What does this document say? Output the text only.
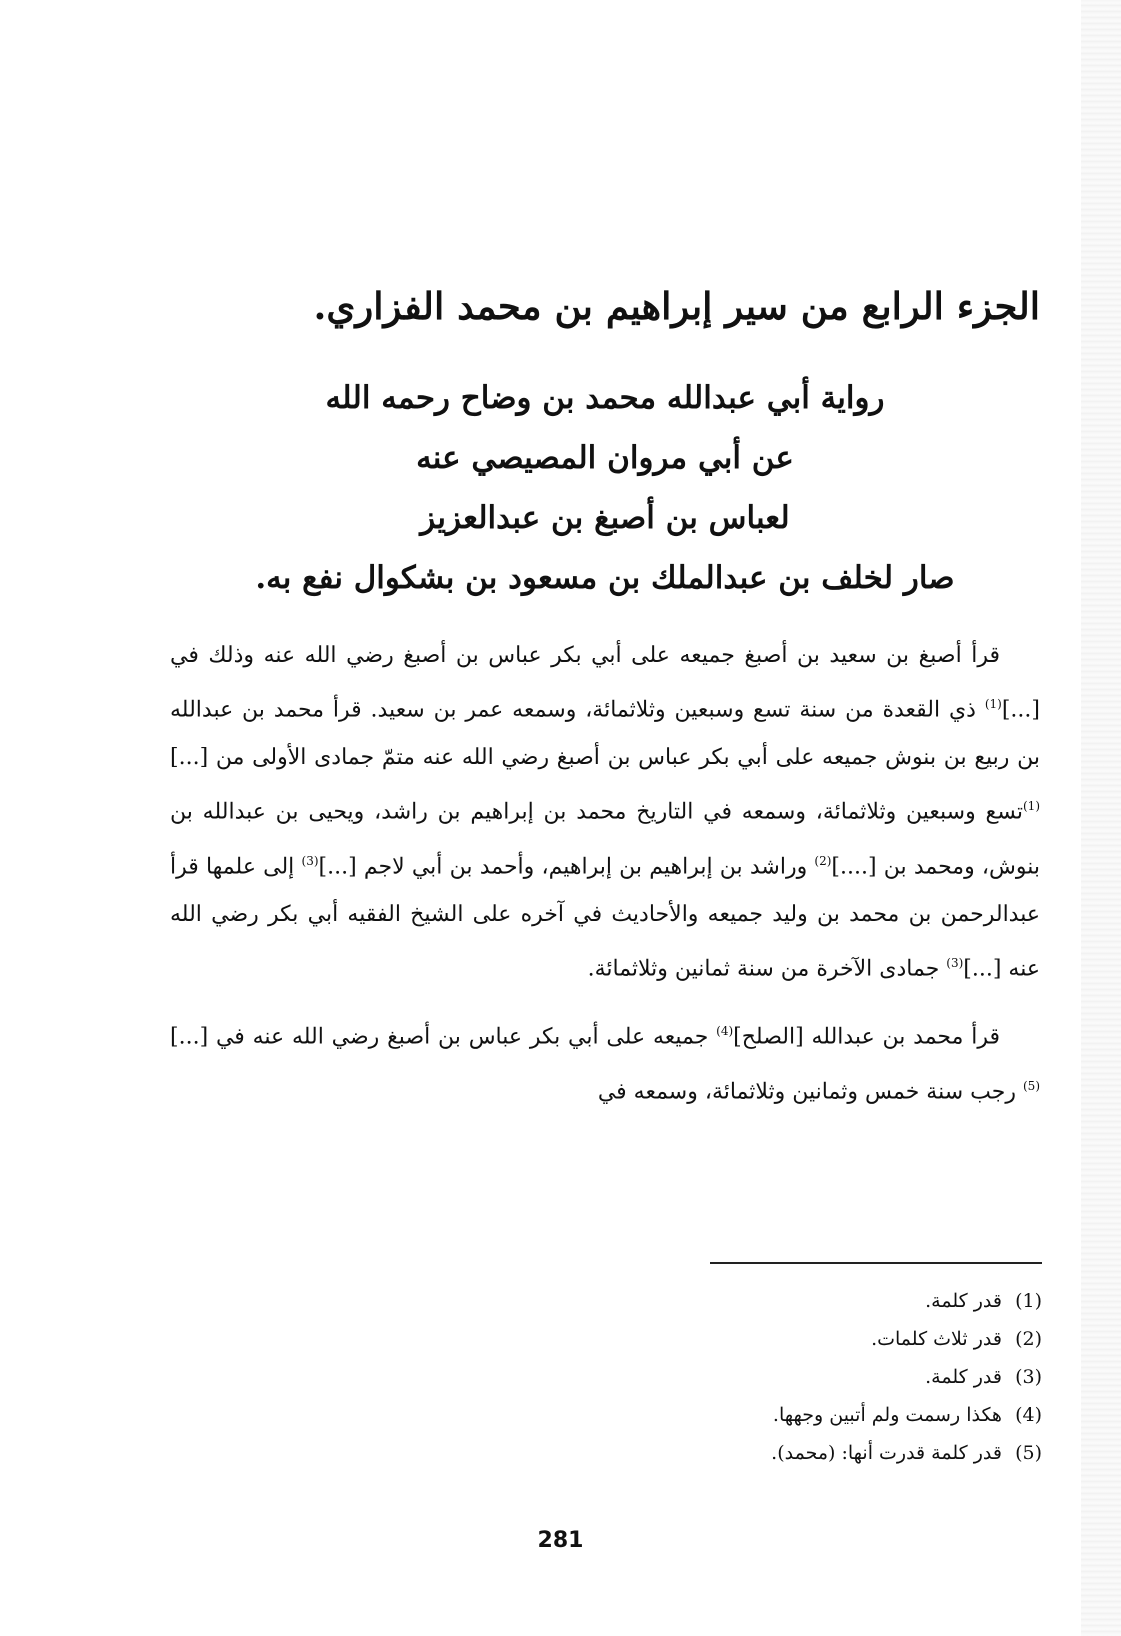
الجزء الرابع من سير إبراهيم بن محمد الفزاري.

رواية أبي عبدالله محمد بن وضاح رحمه الله

عن أبي مروان المصيصي عنه

لعباس بن أصبغ بن عبدالعزيز

صار لخلف بن عبدالملك بن مسعود بن بشكوال نفع به.

قرأ أصبغ بن سعيد بن أصبغ جميعه على أبي بكر عباس بن أصبغ رضي الله عنه وذلك في [...]$^{(1)}$ ذي القعدة من سنة تسع وسبعين وثلاثمائة، وسمعه عمر بن سعيد. قرأ محمد بن عبدالله بن ربيع بن بنوش جميعه على أبي بكر عباس بن أصبغ رضي الله عنه متمّ جمادى الأولى من [...]$^{(1)}$تسع وسبعين وثلاثمائة، وسمعه في التاريخ محمد بن إبراهيم بن راشد، ويحيى بن عبدالله بن بنوش، ومحمد بن [....]$^{(2)}$ وراشد بن إبراهيم بن إبراهيم، وأحمد بن أبي لاجم [...]$^{(3)}$ إلى علمها قرأ عبدالرحمن بن محمد بن وليد جميعه والأحاديث في آخره على الشيخ الفقيه أبي بكر رضي الله عنه [...]$^{(3)}$ جمادى الآخرة من سنة ثمانين وثلاثمائة.

قرأ محمد بن عبدالله [الصلح]$^{(4)}$ جميعه على أبي بكر عباس بن أصبغ رضي الله عنه في [...]$^{(5)}$ رجب سنة خمس وثمانين وثلاثمائة، وسمعه في

(1) قدر كلمة.

(2) قدر ثلاث كلمات.

(3) قدر كلمة.

(4) هكذا رسمت ولم أتبين وجهها.

(5) قدر كلمة قدرت أنها: (محمد).

281
